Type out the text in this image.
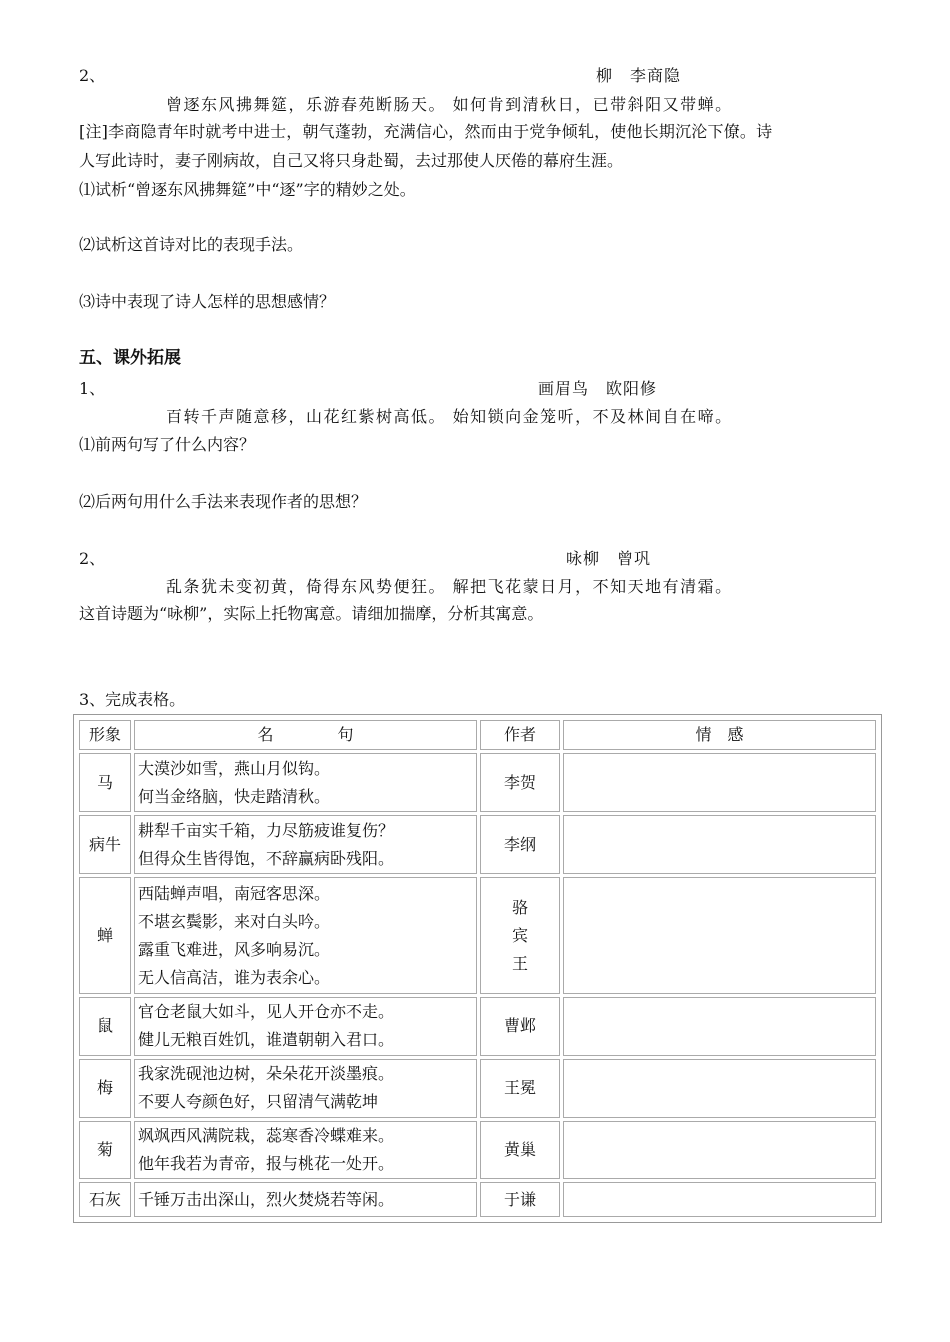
2、	柳　李商隐
曾逐东风拂舞筵，乐游春苑断肠天。 如何肯到清秋日，已带斜阳又带蝉。
[注]李商隐青年时就考中进士，朝气蓬勃，充满信心，然而由于党争倾轧，使他长期沉沦下僚。诗
人写此诗时，妻子刚病故，自己又将只身赴蜀，去过那使人厌倦的幕府生涯。
⑴试析“曾逐东风拂舞筵”中“逐”字的精妙之处。
⑵试析这首诗对比的表现手法。
⑶诗中表现了诗人怎样的思想感情？
五、课外拓展
1、	画眉鸟　欧阳修
百转千声随意移，山花红紫树高低。 始知锁向金笼听，不及林间自在啼。
⑴前两句写了什么内容？
⑵后两句用什么手法来表现作者的思想？
2、	咏柳　曾巩
乱条犹未变初黄，倚得东风势便狂。 解把飞花蒙日月，不知天地有清霜。
这首诗题为“咏柳”，实际上托物寓意。请细加揣摩，分析其寓意。
3、完成表格。
形象	名　　　　句	作者	情　感
马	大漠沙如雪，燕山月似钩。
何当金络脑，快走踏清秋。	李贺	
病牛	耕犁千亩实千箱，力尽筋疲谁复伤？
但得众生皆得饱，不辞赢病卧残阳。	李纲	
蝉	西陆蝉声唱，南冠客思深。
不堪玄鬓影，来对白头吟。
露重飞难进，风多响易沉。
无人信高洁，谁为表余心。	骆
宾
王	

鼠	官仓老鼠大如斗，见人开仓亦不走。
健儿无粮百姓饥，谁遣朝朝入君口。	曹邺	
梅	我家洗砚池边树，朵朵花开淡墨痕。
不要人夸颜色好，只留清气满乾坤	王冕	
菊	飒飒西风满院栽，蕊寒香冷蝶难来。
他年我若为青帝，报与桃花一处开。	黄巢	
石灰	千锤万击出深山，烈火焚烧若等闲。	于谦	
